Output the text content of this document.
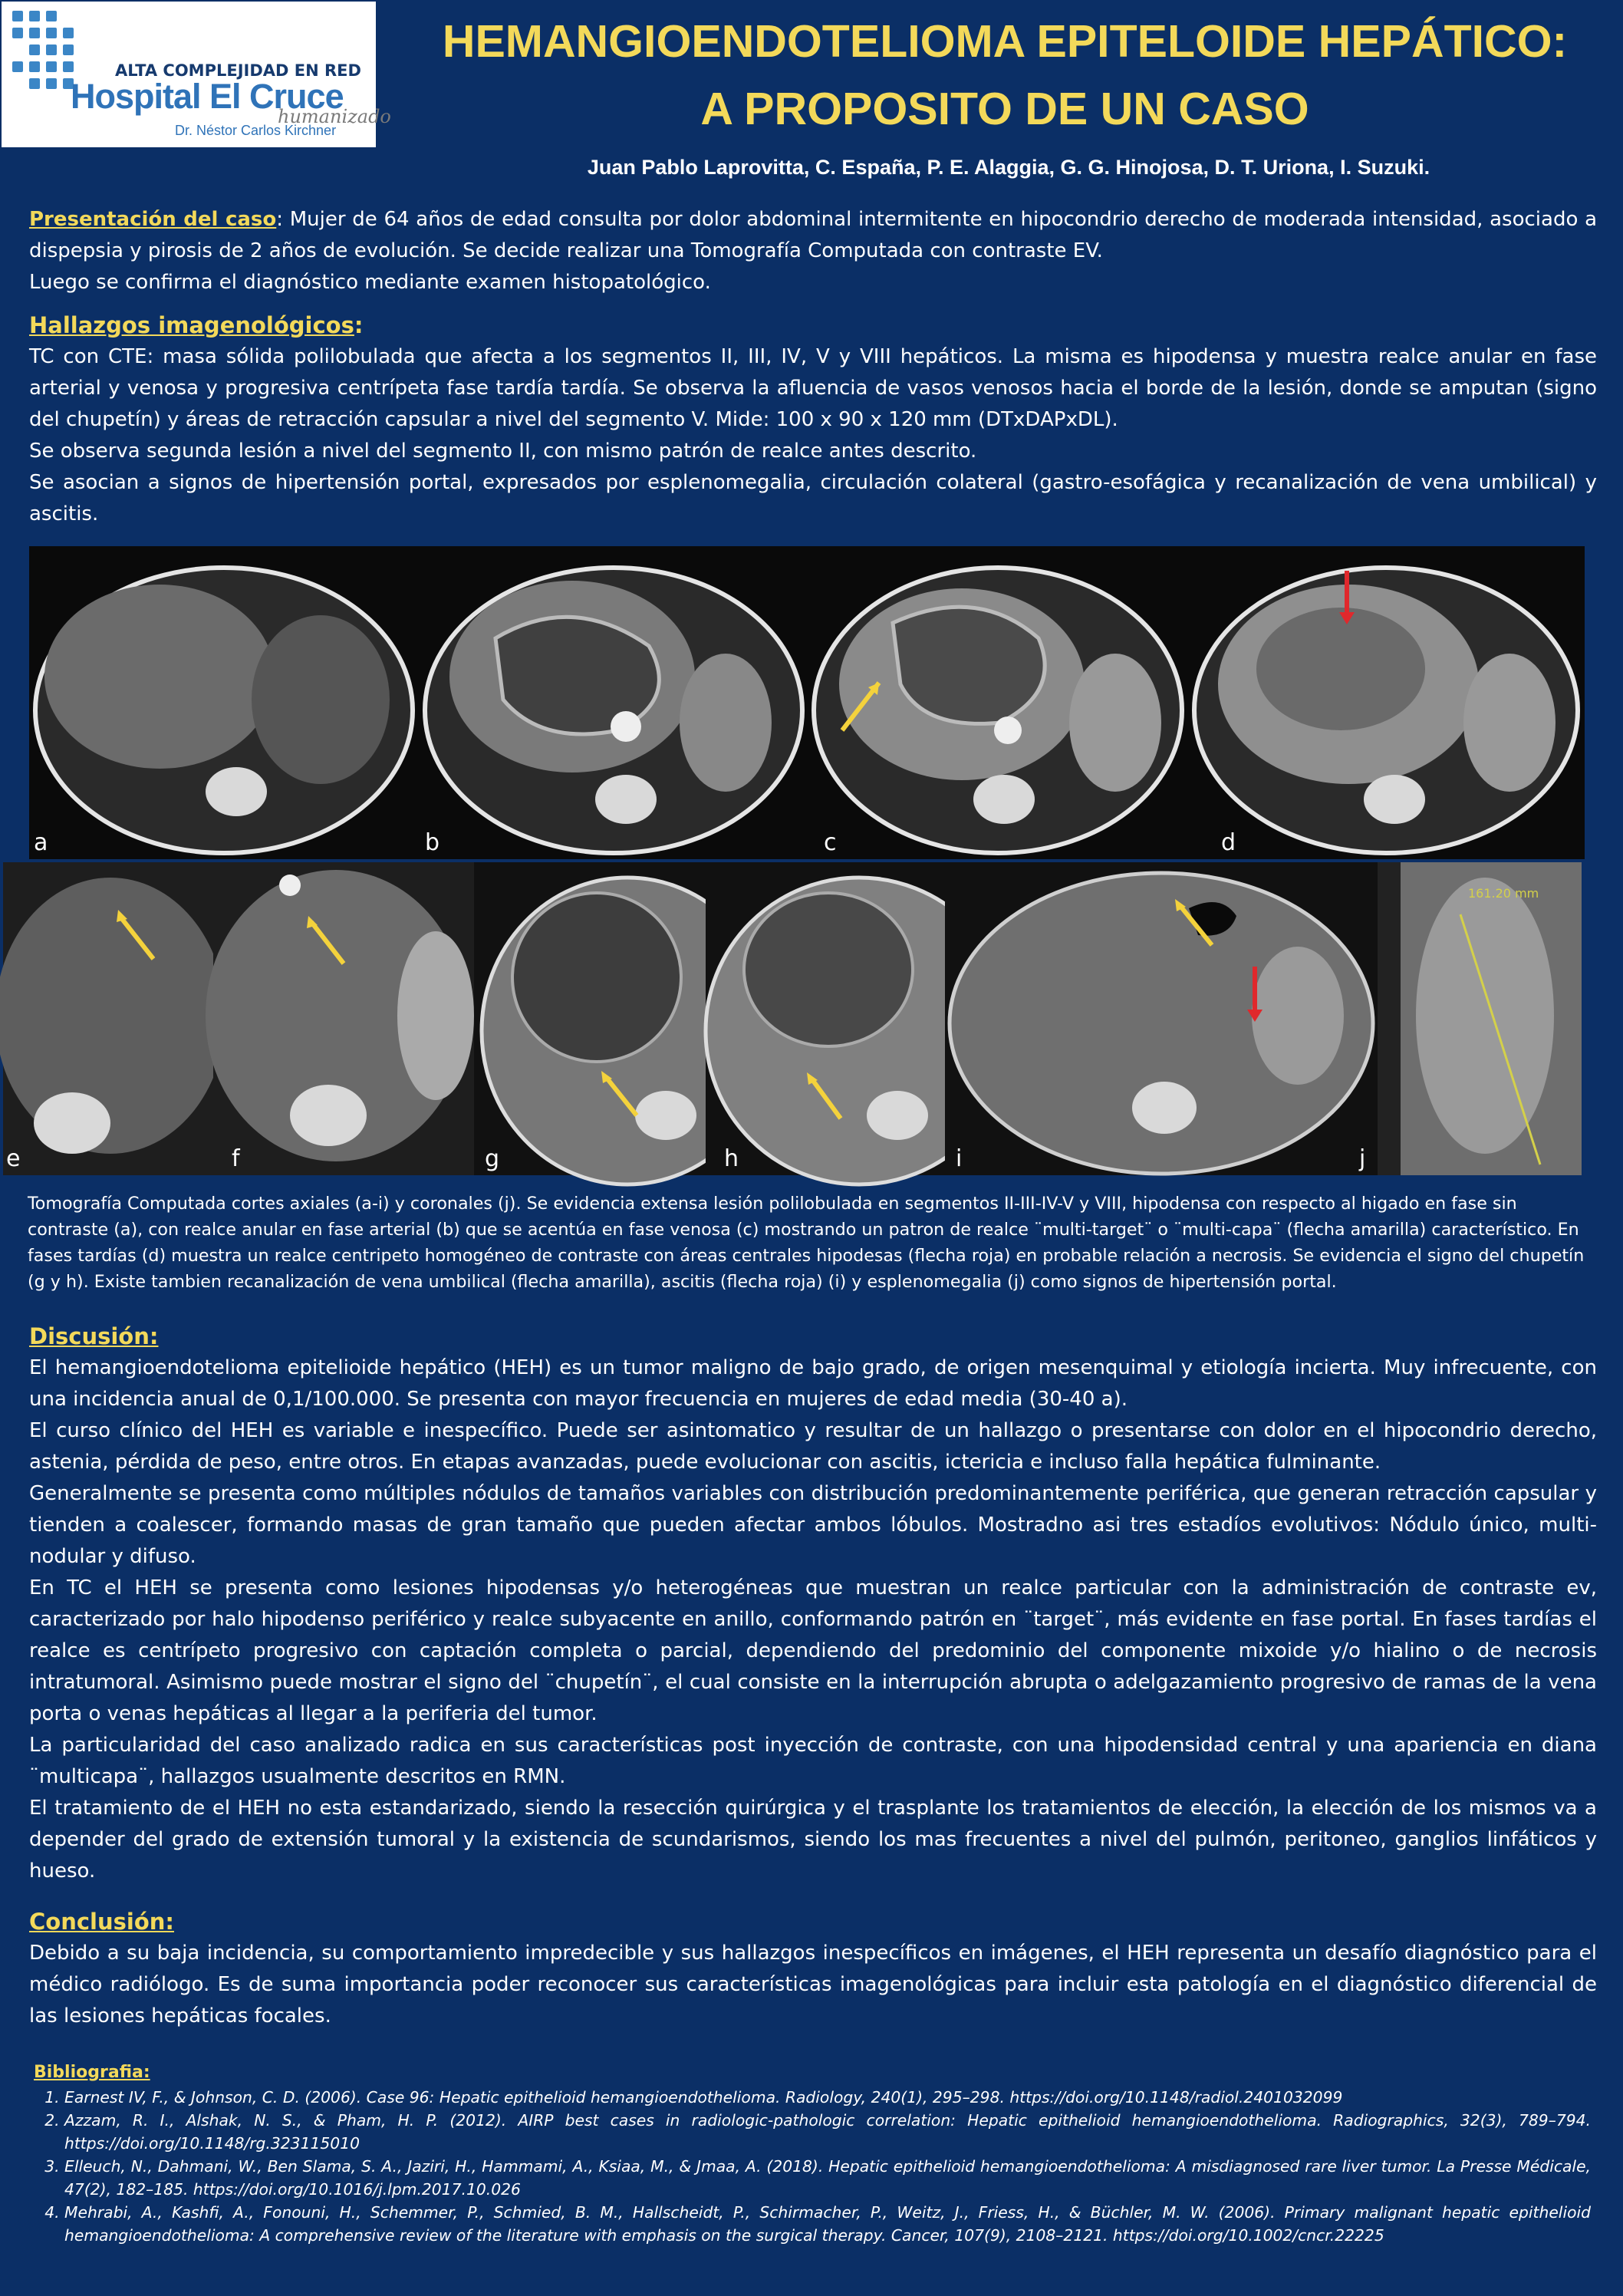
ALTA COMPLEJIDAD EN RED
Hospital El Cruce
humanizado
Dr. Néstor Carlos Kirchner
HEMANGIOENDOTELIOMA EPITELOIDE HEPÁTICO:
A PROPOSITO DE UN CASO
Juan Pablo Laprovitta, C. España, P. E. Alaggia, G. G. Hinojosa, D. T. Uriona, I. Suzuki.

Presentación del caso: Mujer de 64 años de edad consulta por dolor abdominal intermitente en hipocondrio derecho de moderada intensidad, asociado a dispepsia y pirosis de 2 años de evolución. Se decide realizar una Tomografía Computada con contraste EV.

Luego se confirma el diagnóstico mediante examen histopatológico.

Hallazgos imagenológicos:

TC con CTE: masa sólida polilobulada que afecta a los segmentos II, III, IV, V y VIII hepáticos. La misma es hipodensa y muestra realce anular en fase arterial y venosa y progresiva centrípeta fase tardía tardía. Se observa la afluencia de vasos venosos hacia el borde de la lesión, donde se amputan (signo del chupetín) y áreas de retracción capsular a nivel del segmento V. Mide: 100 x 90 x 120 mm (DTxDAPxDL).

Se observa segunda lesión a nivel del segmento II, con mismo patrón de realce antes descrito.

Se asocian a signos de hipertensión portal, expresados por esplenomegalia, circulación colateral (gastro-esofágica y recanalización de vena umbilical) y ascitis.

a	b	c	d
e	f	g	h	i
161.20 mm
j
Tomografía Computada cortes axiales (a-i) y coronales (j). Se evidencia extensa lesión polilobulada en segmentos II-III-IV-V y VIII, hipodensa con respecto al higado en fase sin contraste (a), con realce anular en fase arterial (b) que se acentúa en fase venosa (c) mostrando un patron de realce ¨multi-target¨ o ¨multi-capa¨ (flecha amarilla) característico. En fases tardías (d) muestra un realce centripeto homogéneo de contraste con áreas centrales hipodesas (flecha roja) en probable relación a necrosis. Se evidencia el signo del chupetín (g y h). Existe tambien recanalización de vena umbilical (flecha amarilla), ascitis (flecha roja) (i) y esplenomegalia (j) como signos de hipertensión portal.

Discusión:

El hemangioendotelioma epitelioide hepático (HEH) es un tumor maligno de bajo grado, de origen mesenquimal y etiología incierta. Muy infrecuente, con una incidencia anual de 0,1/100.000. Se presenta con mayor frecuencia en mujeres de edad media (30-40 a).

El curso clínico del HEH es variable e inespecífico. Puede ser asintomatico y resultar de un hallazgo o presentarse con dolor en el hipocondrio derecho, astenia, pérdida de peso, entre otros. En etapas avanzadas, puede evolucionar con ascitis, ictericia e incluso falla hepática fulminante.

Generalmente se presenta como múltiples nódulos de tamaños variables con distribución predominantemente periférica, que generan retracción capsular y tienden a coalescer, formando masas de gran tamaño que pueden afectar ambos lóbulos. Mostradno asi tres estadíos evolutivos: Nódulo único, multi-nodular y difuso.

En TC el HEH se presenta como lesiones hipodensas y/o heterogéneas que muestran un realce particular con la administración de contraste ev, caracterizado por halo hipodenso periférico y realce subyacente en anillo, conformando patrón en ¨target¨, más evidente en fase portal. En fases tardías el realce es centrípeto progresivo con captación completa o parcial, dependiendo del predominio del componente mixoide y/o hialino o de necrosis intratumoral. Asimismo puede mostrar el signo del ¨chupetín¨, el cual consiste en la interrupción abrupta o adelgazamiento progresivo de ramas de la vena porta o venas hepáticas al llegar a la periferia del tumor.

La particularidad del caso analizado radica en sus características post inyección de contraste, con una hipodensidad central y una apariencia en diana ¨multicapa¨, hallazgos usualmente descritos en RMN.

El tratamiento de el HEH no esta estandarizado, siendo la resección quirúrgica y el trasplante los tratamientos de elección, la elección de los mismos va a depender del grado de extensión tumoral y la existencia de scundarismos, siendo los mas frecuentes a nivel del pulmón, peritoneo, ganglios linfáticos y hueso.

Conclusión:

Debido a su baja incidencia, su comportamiento impredecible y sus hallazgos inespecíficos en imágenes, el HEH representa un desafío diagnóstico para el médico radiólogo. Es de suma importancia poder reconocer sus características imagenológicas para incluir esta patología en el diagnóstico diferencial de las lesiones hepáticas focales.

Bibliografia:
1. Earnest IV, F., & Johnson, C. D. (2006). Case 96: Hepatic epithelioid hemangioendothelioma. Radiology, 240(1), 295–298. https://doi.org/10.1148/radiol.2401032099
2. Azzam, R. I., Alshak, N. S., & Pham, H. P. (2012). AIRP best cases in radiologic-pathologic correlation: Hepatic epithelioid hemangioendothelioma. Radiographics, 32(3), 789–794. https://doi.org/10.1148/rg.323115010
3. Elleuch, N., Dahmani, W., Ben Slama, S. A., Jaziri, H., Hammami, A., Ksiaa, M., & Jmaa, A. (2018). Hepatic epithelioid hemangioendothelioma: A misdiagnosed rare liver tumor. La Presse Médicale, 47(2), 182–185. https://doi.org/10.1016/j.lpm.2017.10.026
4. Mehrabi, A., Kashfi, A., Fonouni, H., Schemmer, P., Schmied, B. M., Hallscheidt, P., Schirmacher, P., Weitz, J., Friess, H., & Büchler, M. W. (2006). Primary malignant hepatic epithelioid hemangioendothelioma: A comprehensive review of the literature with emphasis on the surgical therapy. Cancer, 107(9), 2108–2121. https://doi.org/10.1002/cncr.22225
